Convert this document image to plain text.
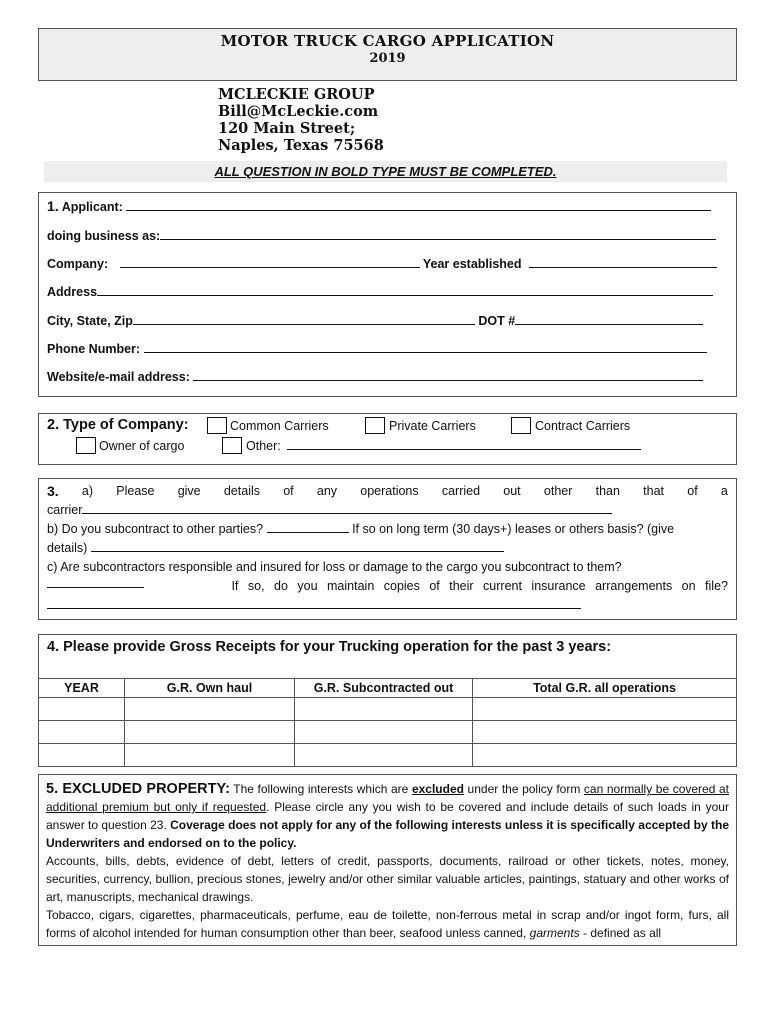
MOTOR TRUCK CARGO APPLICATION
2019
MCLECKIE GROUP
Bill@McLeckie.com
120 Main Street;
Naples, Texas 75568
ALL QUESTION IN BOLD TYPE MUST BE COMPLETED.
1. Applicant:
doing business as:
Company:	Year established
Address
City, State, Zip	DOT #
Phone Number:
Website/e-mail address:
2. Type of Company:	Common Carriers	Private Carriers	Contract Carriers
Owner of cargo	Other:
3. a) Please give details of any operations carried out other than that of a
carrier
b) Do you subcontract to other parties?	If so on long term (30 days+) leases or others basis? (give
details)
c) Are subcontractors responsible and insured for loss or damage to the cargo you subcontract to them?
If so, do you maintain copies of their current insurance arrangements on file?
4. Please provide Gross Receipts for your Trucking operation for the past 3 years:
YEAR	G.R. Own haul	G.R. Subcontracted out	Total G.R. all operations

5. EXCLUDED PROPERTY: The following interests which are excluded under the policy form can normally be covered at additional premium but only if requested. Please circle any you wish to be covered and include details of such loads in your answer to question 23. Coverage does not apply for any of the following interests unless it is specifically accepted by the Underwriters and endorsed on to the policy.
Accounts, bills, debts, evidence of debt, letters of credit, passports, documents, railroad or other tickets, notes, money, securities, currency, bullion, precious stones, jewelry and/or other similar valuable articles, paintings, statuary and other works of art, manuscripts, mechanical drawings.
Tobacco, cigars, cigarettes, pharmaceuticals, perfume, eau de toilette, non-ferrous metal in scrap and/or ingot form, furs, all forms of alcohol intended for human consumption other than beer, seafood unless canned, garments - defined as all
